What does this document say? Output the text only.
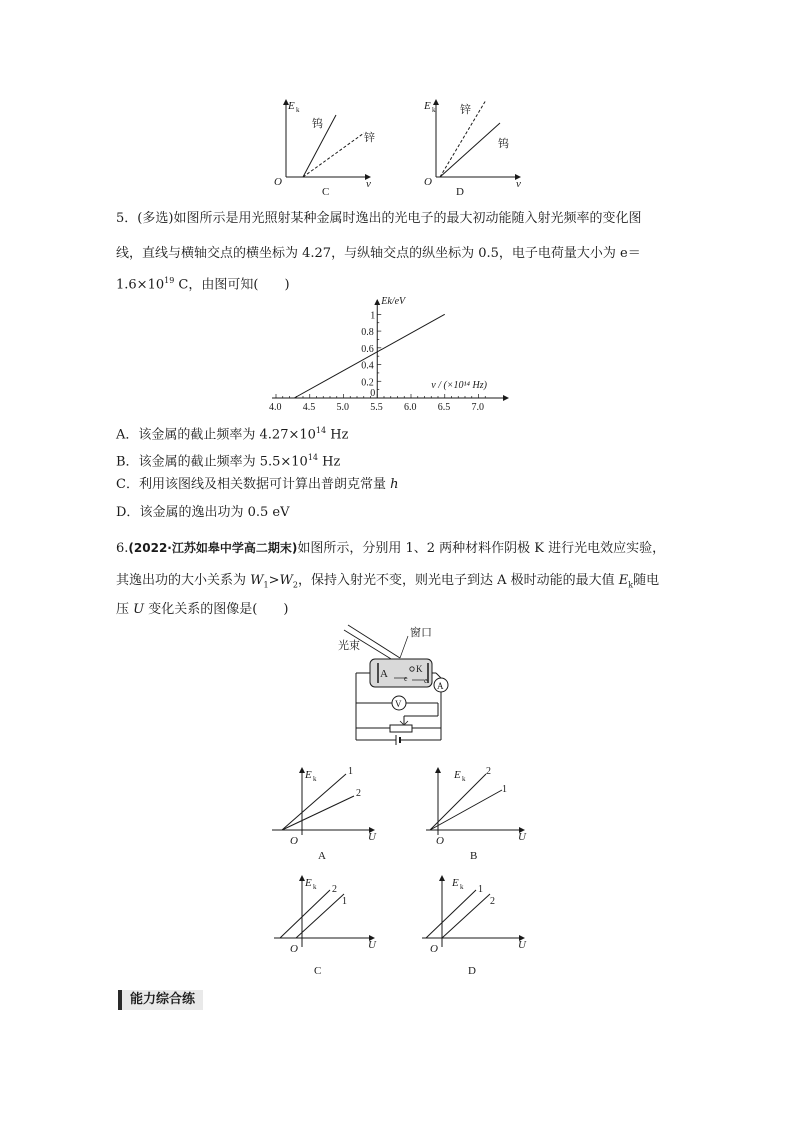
E k
O	ν
钨
锌
C
E k
O	ν
锌
钨
D
5．(多选)如图所示是用光照射某种金属时逸出的光电子的最大初动能随入射光频率的变化图
线，直线与横轴交点的横坐标为 4.27，与纵轴交点的纵坐标为 0.5，电子电荷量大小为 e＝
$1.6\times 10^{19}$ C，由图可知(　　)
4.0 4.5 5.0 5.5 6.0 6.5 7.0
0.2
0.4
0.6
0.8
1
0
Ek/eV
ν / (×10¹⁴ Hz)
A．该金属的截止频率为 $4.27\times 10^{14}$ Hz
B．该金属的截止频率为 $5.5\times 10^{14}$ Hz
C．利用该图线及相关数据可计算出普朗克常量 h
D．该金属的逸出功为 0.5 eV
6.(2022·江苏如皋中学高二期末)如图所示，分别用 1、2 两种材料作阴极 K 进行光电效应实验，
其逸出功的大小关系为 $W_1>W_2$，保持入射光不变，则光电子到达 A 极时动能的最大值 $E_k$随电
压 U 变化关系的图像是(　　)
光束
窗口
A	K
e e
A
V
E k
O	U
1
2
A
E k
O	U
2
1
B
E k
O	U
2
1
C
E k
O	U
1
2
D
能力综合练
